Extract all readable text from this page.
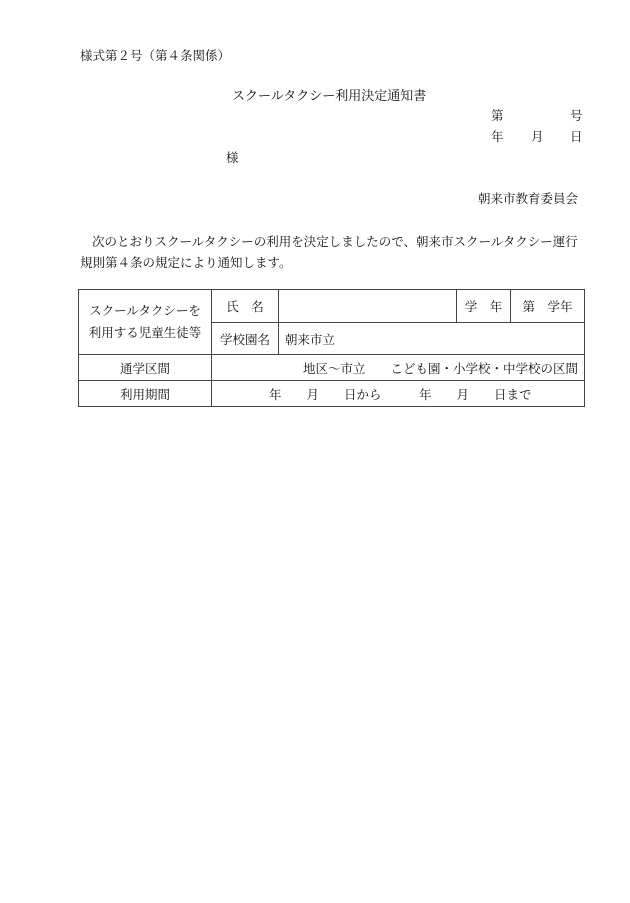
様式第２号（第４条関係）
スクールタクシー利用決定通知書
第	号
年 月 日
様
朝来市教育委員会
次のとおりスクールタクシーの利用を決定しましたので、朝来市スクールタクシー運行規則第４条の規定により通知します。
スクールタクシーを
利用する児童生徒等	氏　名		学　年	第　学年
	学校園名	朝来市立		
通学区間	地区～市立　　こども園・小学校・中学校の区間			
利用期間	年　　月　　日から　　　年　　月　　日まで			
